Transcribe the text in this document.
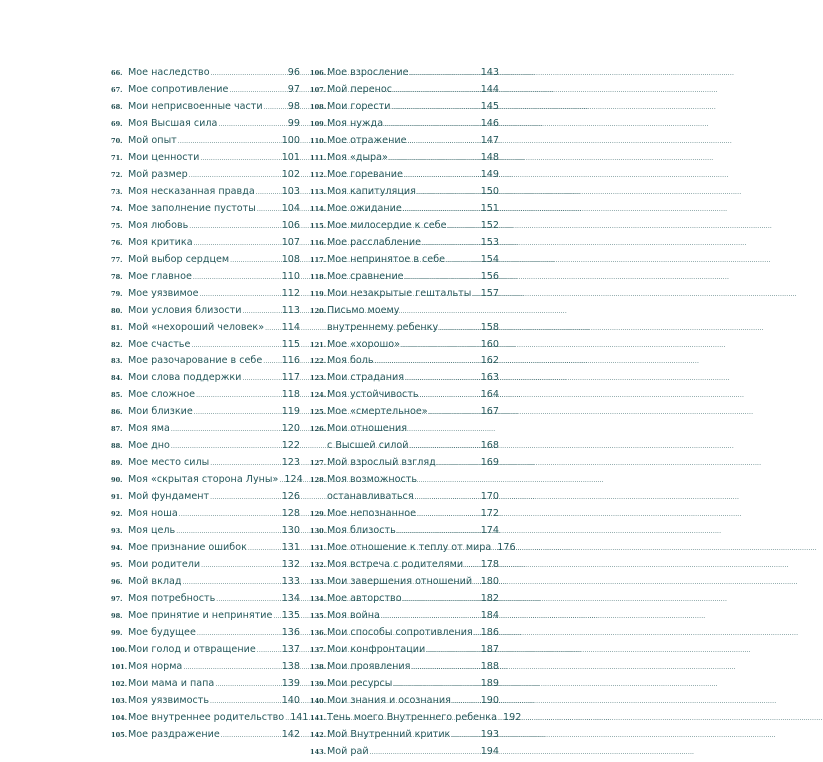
66. Мое наследство .....	96
67. Мое сопротивление .....	97
68. Мои неприсвоенные части .....	98
69. Моя Высшая сила .....	99
70. Мой опыт .....	100
71. Мои ценности .....	101
72. Мой размер .....	102
73. Моя несказанная правда .....	103
74. Мое заполнение пустоты .....	104
75. Моя любовь .....	106
76. Моя критика .....	107
77. Мой выбор сердцем .....	108
78. Мое главное .....	110
79. Мое уязвимое .....	112
80. Мои условия близости .....	113
81. Мой «нехороший человек» ..... 114
82. Мое счастье .....	115
83. Мое разочарование в себе ..... 116
84. Мои слова поддержки .....	117
85. Мое сложное .....	118
86. Мои близкие .....	119
87. Моя яма .....	120
88. Мое дно .....	122
89. Мое место силы .....	123
90. Моя «скрытая сторона Луны» ..... 124
91. Мой фундамент .....	126
92. Моя ноша .....	128
93. Моя цель .....	130
94. Мое признание ошибок .....	131
95. Мои родители .....	132
96. Мой вклад .....	133
97. Моя потребность .....	134
98. Мое принятие и непринятие ..... 135
99. Мое будущее .....	136
100. Мои голод и отвращение .....	137
101. Моя норма .....	138
102. Мои мама и папа .....	139
103. Моя уязвимость .....	140
104. Мое внутреннее родительство ..... 141
105. Мое раздражение .....	142
106. Мое взросление .....	143
107. Мой перенос .....	144
108. Мои горести .....	145
109. Моя нужда .....	146
110. Мое отражение .....	147
111. Моя «дыра» .....	148
112. Мое горевание .....	149
113. Моя капитуляция .....	150
114. Мое ожидание .....	151
115. Мое милосердие к себе .....	152
116. Мое расслабление .....	153
117. Мое непринятое в себе .....	154
118. Мое сравнение .....	156
119. Мои незакрытые гештальты ..... 157
120. Письмо моему
внутреннему ребенку .....	158
121. Мое «хорошо» .....	160
122. Моя боль .....	162
123. Мои страдания .....	163
124. Моя устойчивость .....	164
125. Мое «смертельное» .....	167
126. Мои отношения
с Высшей силой .....	168
127. Мой взрослый взгляд .....	169
128. Моя возможность
останавливаться .....	170
129. Мое непознанное .....	172
130. Моя близость .....	174
131. Мое отношение к теплу от мира ..... 176
132. Моя встреча с родителями ..... 178
133. Мои завершения отношений ..... 180
134. Мое авторство .....	182
135. Моя война .....	184
136. Мои способы сопротивления ..... 186
137. Мои конфронтации .....	187
138. Мои проявления .....	188
139. Мои ресурсы .....	189
140. Мои знания и осознания .....	190
141. Тень моего Внутреннего ребенка ..... 192
142. Мой Внутренний критик .....	193
143. Мой рай .....	194
